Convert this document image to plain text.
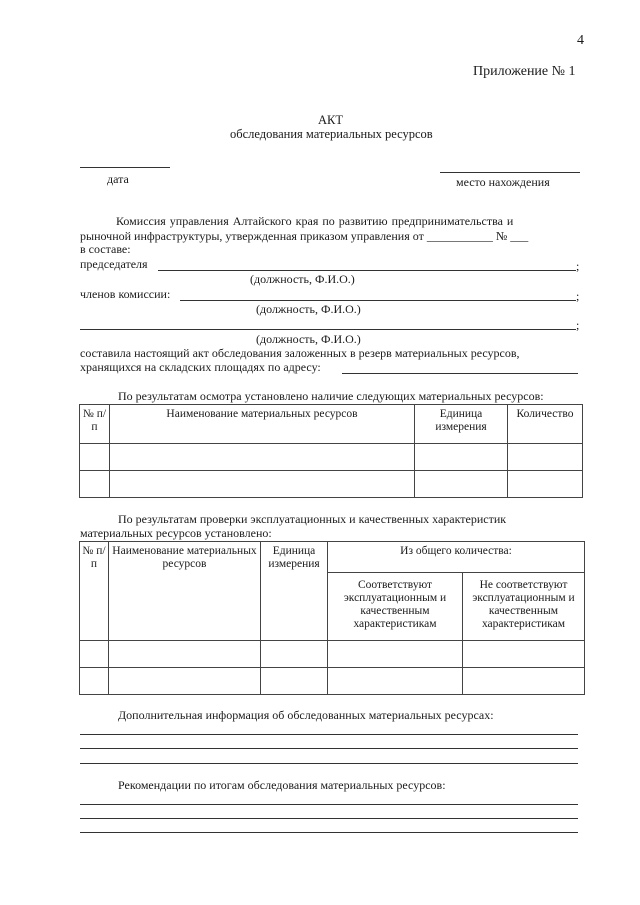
4
Приложение № 1
АКТ
обследования материальных ресурсов
дата	место нахождения
Комиссия управления Алтайского края по развитию предпринимательства и
рыночной инфраструктуры, утвержденная приказом управления от ___________ № ___
в составе:
председателя	;
(должность, Ф.И.О.)
членов комиссии:	;
(должность, Ф.И.О.)
;
(должность, Ф.И.О.)
составила настоящий акт обследования заложенных в резерв материальных ресурсов,
хранящихся на складских площадях по адресу:
По результатам осмотра установлено наличие следующих материальных ресурсов:
№ п/п	Наименование материальных ресурсов	Единица измерения	Количество

По результатам проверки эксплуатационных и качественных характеристик
материальных ресурсов установлено:
№ п/п	Наименование материальных ресурсов	Единица измерения	Из общего количества:	
			Соответствуют эксплуатационным и качественным характеристикам	Не соответствуют эксплуатационным и качественным характеристикам

Дополнительная информация об обследованных материальных ресурсах:
Рекомендации по итогам обследования материальных ресурсов:
